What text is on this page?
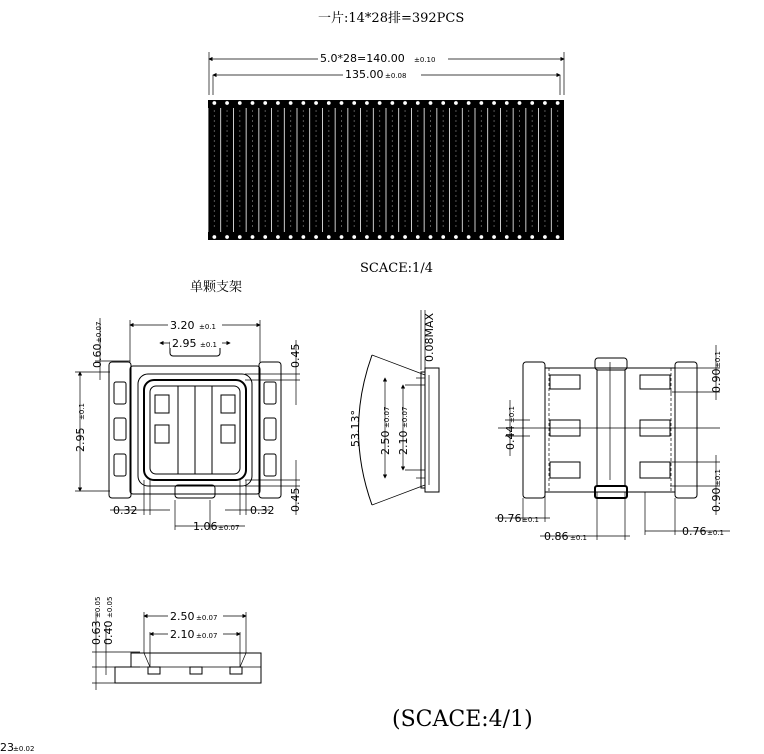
一片:14*28排=392PCS
5.0*28=140.00 ±0.10
135.00 ±0.08
SCACE:1/4
单颗支架
3.20 ±0.1
2.95 ±0.1
2.95
±0.1
0.60
±0.07
0.45
0.45
0.32	0.32
1.06 ±0.07
53.13° 2.50
±0.07
2.10
±0.07
0.08MAX
0.44
±0.1
0.90
±0.1
0.90
±0.1
0.76 ±0.1
0.86 ±0.1	0.76 ±0.1
0.63
±0.05
0.40
±0.05	2.50 ±0.07
2.10 ±0.07
(SCACE:4/1)
23 ±0.02
